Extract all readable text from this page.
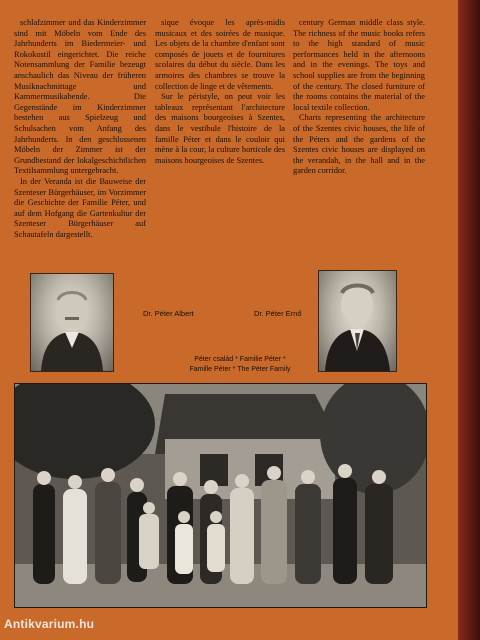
schlafzimmer und das Kinderzimmer sind mit Möbeln vom Ende des Jahrhunderts im Biedermeier- und Rokokostil eingerichtet. Die reiche Notensammlung der Familie bezeugt anschaulich das Niveau der früheren Musiknachmittage und Kammermusikabende. Die Gegenstände im Kinderzimmer bestehen aus Spielzeug und Schulsachen vom Anfang des Jahrhunderts. In den geschlossenen Möbeln der Zimmer ist der Grundbestand der lokalgeschichtlichen Textilsammlung untergebracht.

In der Veranda ist die Bauweise der Szenteser Bürgerhäuser, im Vorzimmer die Geschichte der Familie Péter, und auf dem Hofgang die Gartenkultur der Szenteser Bürgerhäuser auf Schautafeln dargestellt.

sique évoque les après-midis musicaux et des soirées de musique. Les objets de la chambre d'enfant sont composés de jouets et de fournitures scolaires du début du siècle. Dans les armoires des chambres se trouve la collection de linge et de vêtements.

Sur le péristyle, on peut voir les tableaux représentant l'architecture des maisons bourgeoises à Szentes, dans le vestibule l'histoire de la famille Péter et dans le couloir qui mène à la cour, la culture horticole des maisons bourgeoises de Szentes.

century German middle class style. The richness of the music books refers to the high standard of music performances held in the afternoons and in the evenings. The toys and school supplies are from the beginning of the century. The closed furniture of the rooms contains the material of the local textile collection.

Charts representing the architecture of the Szentes civic houses, the life of the Péters and the gardens of the Szentes civic houses are displayed on the verandah, in the hall and in the garden corridor.

Dr. Péter Albert	Dr. Péter Ernő
Péter család * Familie Péter *
Famille Péter * The Péter Family
Antikvarium.hu
